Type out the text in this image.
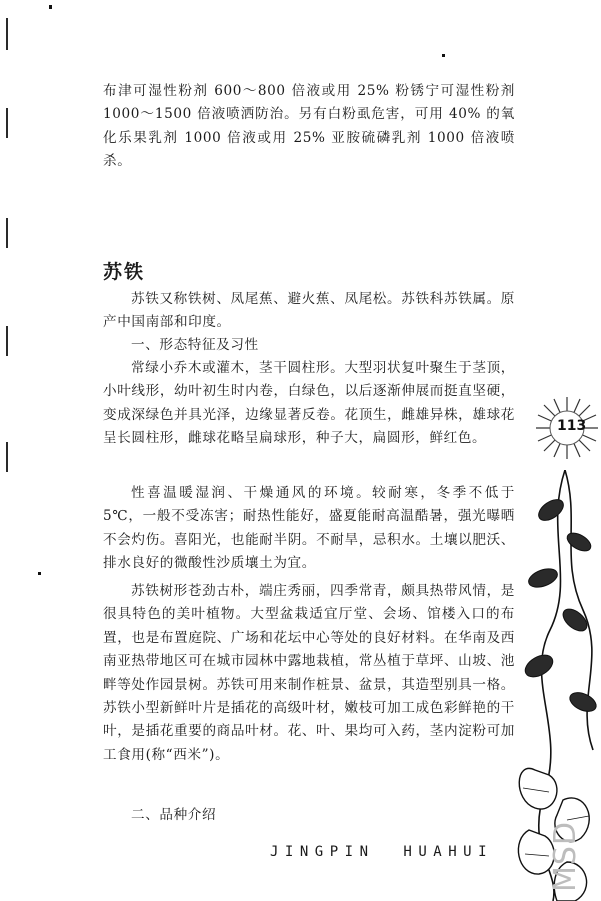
布津可湿性粉剂 600～800 倍液或用 25% 粉锈宁可湿性粉剂 1000～1500 倍液喷洒防治。另有白粉虱危害，可用 40% 的氧化乐果乳剂 1000 倍液或用 25% 亚胺硫磷乳剂 1000 倍液喷杀。

苏铁

苏铁又称铁树、凤尾蕉、避火蕉、凤尾松。苏铁科苏铁属。原产中国南部和印度。

一、形态特征及习性

常绿小乔木或灌木，茎干圆柱形。大型羽状复叶聚生于茎顶，小叶线形，幼叶初生时内卷，白绿色，以后逐渐伸展而挺直坚硬，变成深绿色并具光泽，边缘显著反卷。花顶生，雌雄异株，雄球花呈长圆柱形，雌球花略呈扁球形，种子大，扁圆形，鲜红色。

性喜温暖湿润、干燥通风的环境。较耐寒，冬季不低于 5℃，一般不受冻害；耐热性能好，盛夏能耐高温酷暑，强光曝晒不会灼伤。喜阳光，也能耐半阴。不耐旱，忌积水。土壤以肥沃、排水良好的微酸性沙质壤土为宜。

苏铁树形苍劲古朴，端庄秀丽，四季常青，颇具热带风情，是很具特色的美叶植物。大型盆栽适宜厅堂、会场、馆楼入口的布置，也是布置庭院、广场和花坛中心等处的良好材料。在华南及西南亚热带地区可在城市园林中露地栽植，常丛植于草坪、山坡、池畔等处作园景树。苏铁可用来制作桩景、盆景，其造型别具一格。苏铁小型新鲜叶片是插花的高级叶材，嫩枝可加工成色彩鲜艳的干叶，是插花重要的商品叶材。花、叶、果均可入药，茎内淀粉可加工食用(称“西米”)。

二、品种介绍

113
JINGPIN HUAHUI MSD
